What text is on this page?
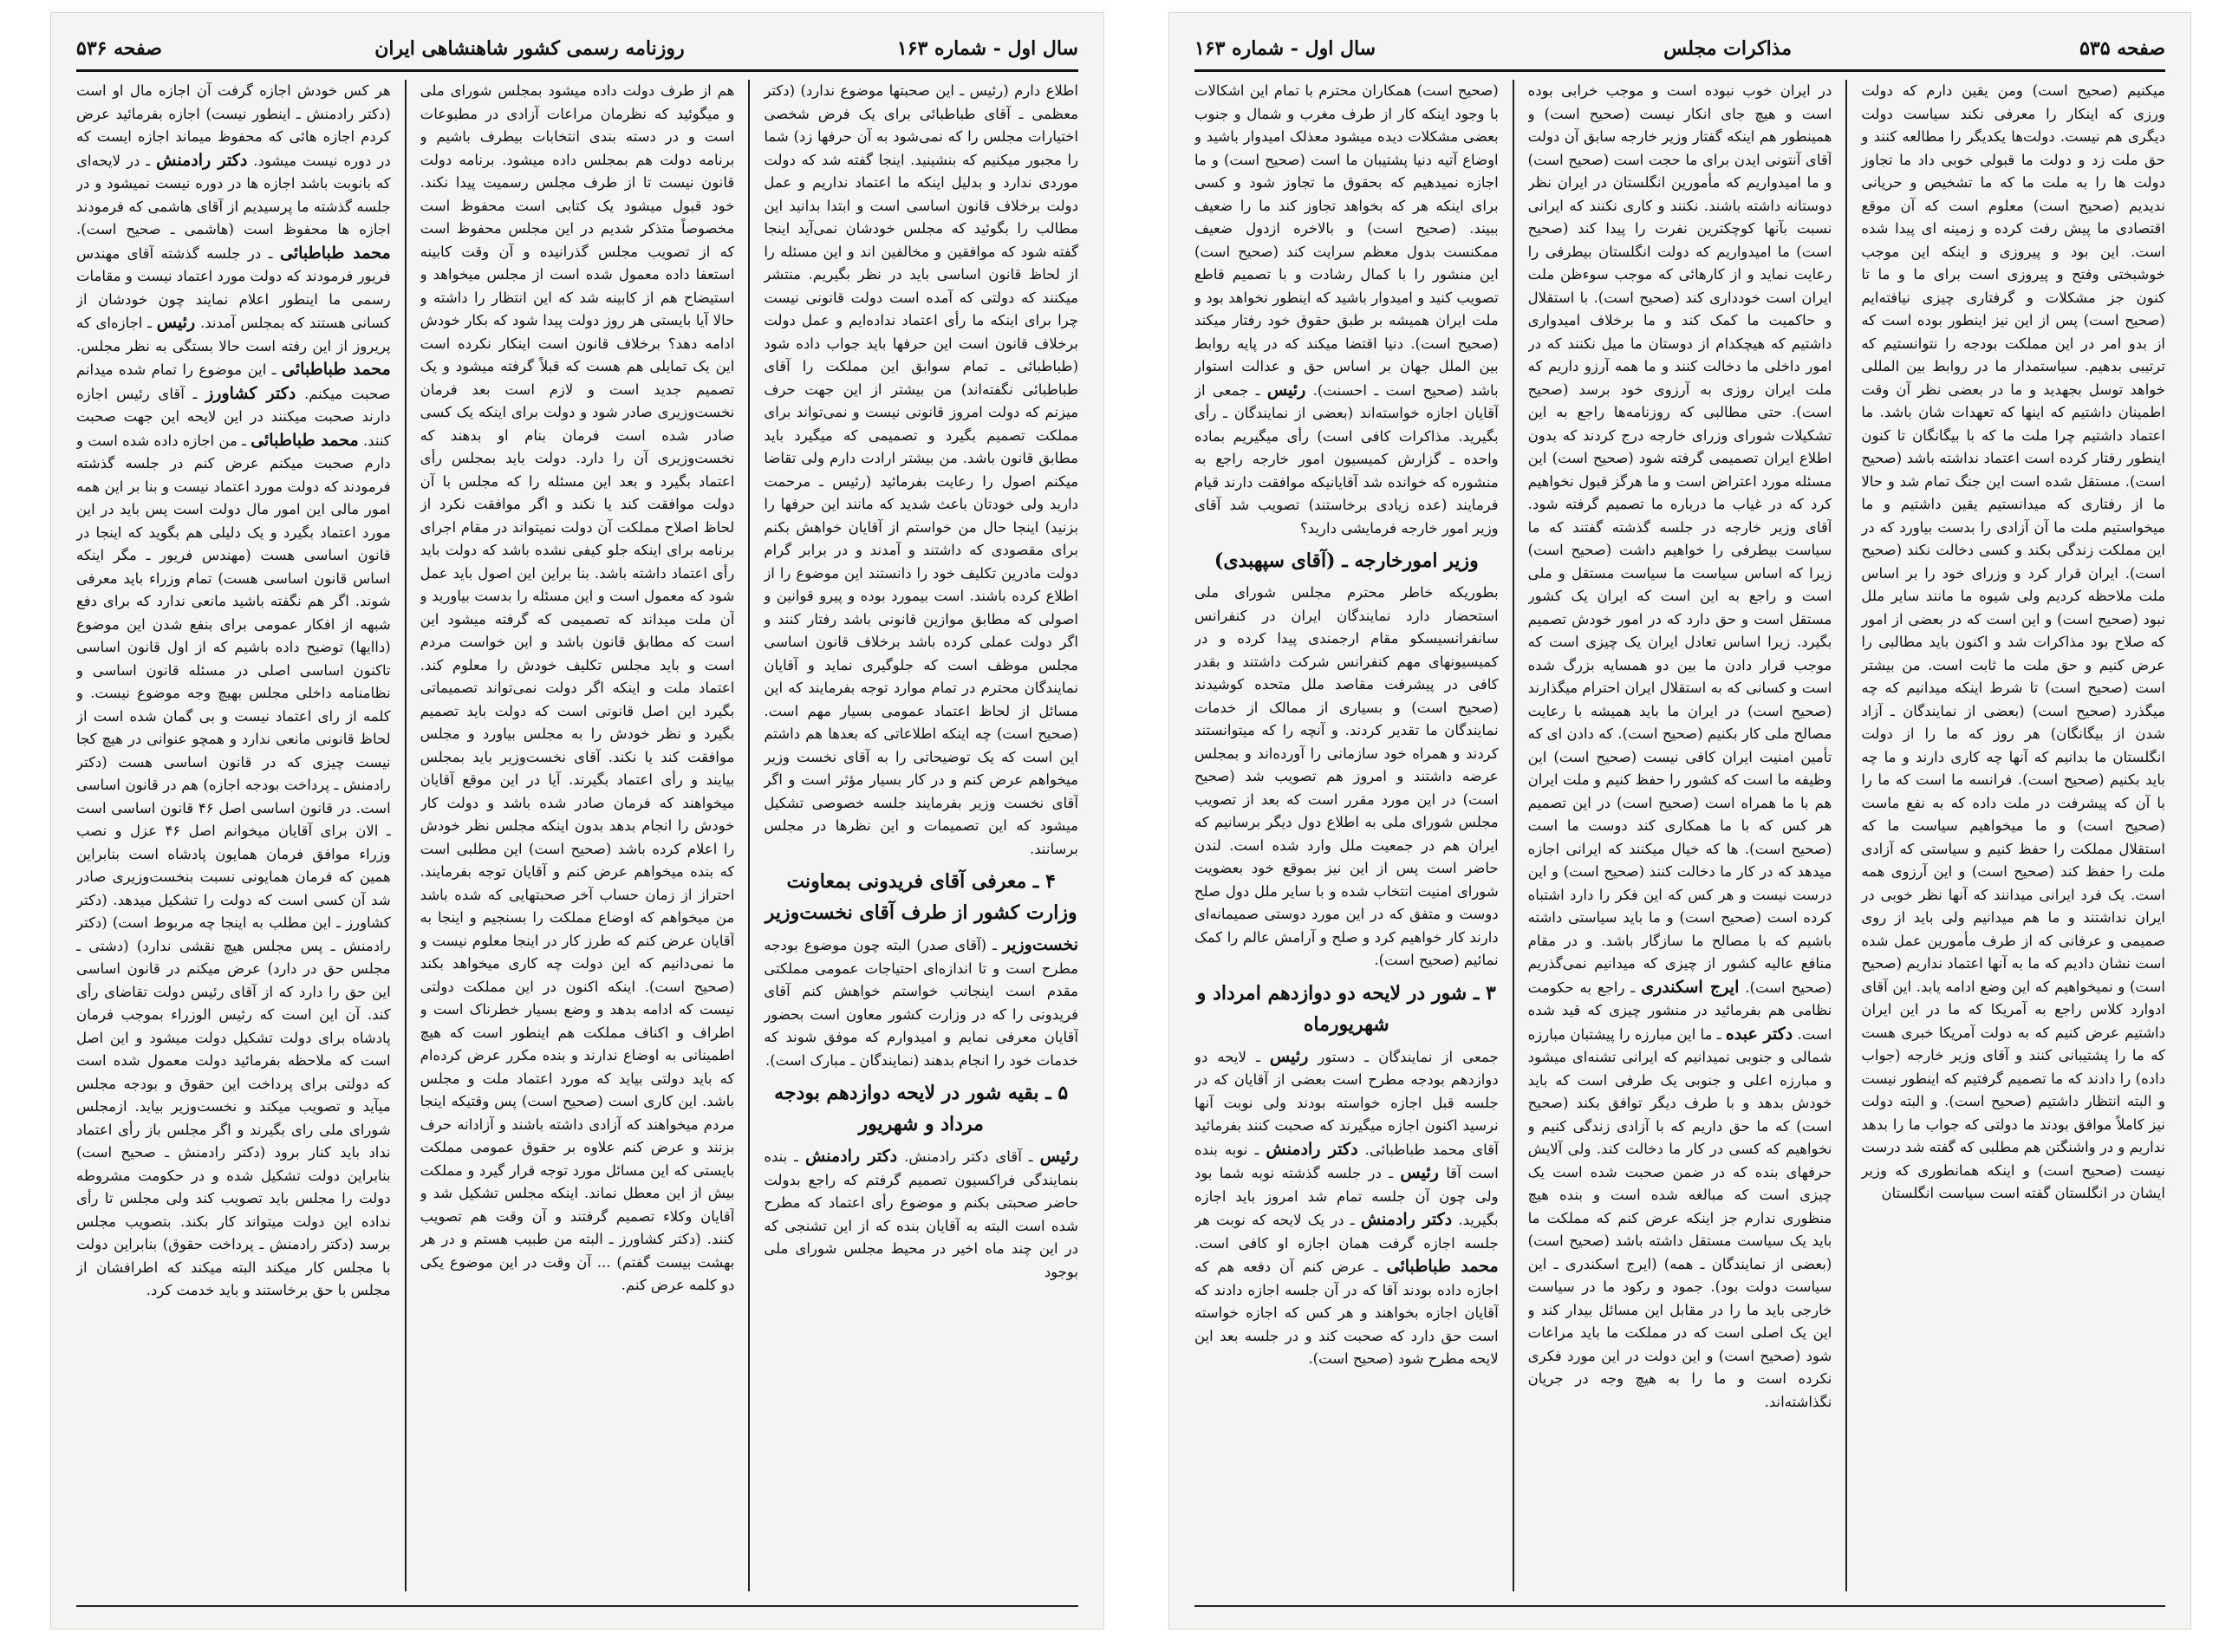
سال اول - شماره ۱۶۳
روزنامه رسمی کشور شاهنشاهی ایران
صفحه ۵۳۶
اطلاع دارم (رئیس ـ این صحبتها موضوع ندارد) (دکتر معظمی ـ آقای طباطبائی برای یک فرض شخصی اختیارات مجلس را که نمی‌شود به آن حرفها زد) شما را مجبور میکنیم که بنشینید. اینجا گفته شد که دولت موردی ندارد و بدلیل اینکه ما اعتماد نداریم و عمل دولت برخلاف قانون اساسی است و ابتدا بدانید این مطالب را بگوئید که مجلس خودشان نمی‌آید اینجا گفته شود که موافقین و مخالفین اند و این مسئله را از لحاظ قانون اساسی باید در نظر بگیریم. منتشر میکنند که دولتی که آمده است دولت قانونی نیست چرا برای اینکه ما رأی اعتماد نداده‌ایم و عمل دولت برخلاف قانون است این حرفها باید جواب داده شود (طباطبائی ـ تمام سوابق این مملکت را آقای طباطبائی نگفته‌اند) من بیشتر از این جهت حرف میزنم که دولت امروز قانونی نیست و نمی‌تواند برای مملکت تصمیم بگیرد و تصمیمی که میگیرد باید مطابق قانون باشد. من بیشتر ارادت دارم ولی تقاضا میکنم اصول را رعایت بفرمائید (رئیس ـ مرحمت دارید ولی خودتان باعث شدید که مانند اين حرفها را بزنید) اینجا حال من خواستم از آقایان خواهش بکنم برای مقصودی که داشتند و آمدند و در برابر گرام دولت مادرین تکلیف خود را دانستند این موضوع را از اطلاع کرده باشند. است بیمورد بوده و پیرو قوانین و اصولی که مطابق موازین قانونی باشد رفتار کنند و اگر دولت عملی کرده باشد برخلاف قانون اساسی مجلس موظف است که جلوگیری نماید و آقایان نمایندگان محترم در تمام موارد توجه بفرمایند که این مسائل از لحاظ اعتماد عمومی بسیار مهم است. (صحیح است) چه اینکه اطلاعاتی که بعدها هم داشتم این است که یک توضیحاتی را به آقای نخست وزیر میخواهم عرض کنم و در کار بسیار مؤثر است و اگر آقای نخست وزیر بفرمایند جلسه خصوصی تشکیل میشود که این تصمیمات و این نظرها در مجلس برسانند.
۴ ـ معرفی آقای فریدونی بمعاونت وزارت کشور از طرف آقای نخست‌وزیر
نخست‌وزیر ـ (آقای صدر) البته چون موضوع بودجه مطرح است و تا اندازه‌ای احتیاجات عمومی مملکتی مقدم است اینجانب خواستم خواهش کنم آقای فریدونی را که در وزارت کشور معاون است بحضور آقایان معرفی نمایم و امیدوارم که موفق شوند که خدمات خود را انجام بدهند (نمایندگان ـ مبارک است).
۵ ـ بقیه شور در لایحه دوازدهم بودجه مرداد و شهریور
رئیس ـ آقای دکتر رادمنش. دکتر رادمنش ـ بنده بنمایندگی فراکسیون تصمیم گرفتم که راجع بدولت حاضر صحبتی بکنم و موضوع رأی اعتماد که مطرح شده است البته به آقایان بنده که از این تشنجی که در این چند ماه اخیر در محیط مجلس شورای ملی بوجود
هم از طرف دولت داده میشود بمجلس شورای ملی و میگوئید که نظرمان مراعات آزادی در مطبوعات است و در دسته بندی انتخابات بیطرف باشیم و برنامه دولت هم بمجلس داده میشود. برنامه دولت قانون نیست تا از طرف مجلس رسمیت پیدا نکند. خود قبول میشود یک کتابی است محفوظ است مخصوصاً متذکر شدیم در این مجلس محفوظ است که از تصویب مجلس گذرانیده و آن وقت کابینه استعفا داده معمول شده است از مجلس میخواهد و استیضاح هم از کابینه شد که این انتظار را داشته و حالا آیا بایستی هر روز دولت پیدا شود که بکار خودش ادامه دهد؟ برخلاف قانون است اینکار نکرده است این یک تمایلی هم هست که قبلاً گرفته میشود و یک تصمیم جدید است و لازم است بعد فرمان نخست‌وزیری صادر شود و دولت برای اینکه یک کسی صادر شده است فرمان بنام او بدهند که نخست‌وزیری آن را دارد. دولت باید بمجلس رأی اعتماد بگیرد و بعد این مسئله را که مجلس با آن دولت موافقت کند یا نکند و اگر موافقت نکرد از لحاظ اصلاح مملکت آن دولت نمیتواند در مقام اجرای برنامه برای اینکه جلو کیفی نشده باشد که دولت باید رأی اعتماد داشته باشد. بنا براین این اصول باید عمل شود که معمول است و این مسئله را بدست بیاورید و آن ملت میداند که تصمیمی که گرفته میشود این است که مطابق قانون باشد و این خواست مردم است و باید مجلس تکلیف خودش را معلوم کند. اعتماد ملت و اینکه اگر دولت نمی‌تواند تصمیماتی بگیرد این اصل قانونی است که دولت باید تصمیم بگیرد و نظر خودش را به مجلس بیاورد و مجلس موافقت کند یا نکند. آقای نخست‌وزیر باید بمجلس بیایند و رأی اعتماد بگیرند. آیا در این موقع آقایان میخواهند که فرمان صادر شده باشد و دولت کار خودش را انجام بدهد بدون اینکه مجلس نظر خودش را اعلام کرده باشد (صحیح است) این مطلبی است که بنده میخواهم عرض کنم و آقایان توجه بفرمایند. احتراز از زمان حساب آخر صحبتهایی که شده باشد من میخواهم که اوضاع مملکت را بسنجیم و اینجا به آقایان عرض کنم که طرز کار در اینجا معلوم نیست و ما نمی‌دانیم که این دولت چه کاری میخواهد بکند (صحیح است). اینکه اکنون در این مملکت دولتی نیست که ادامه بدهد و وضع بسیار خطرناک است و اطراف و اکناف مملکت هم اینطور است که هیچ اطمینانی به اوضاع ندارند و بنده مکرر عرض کرده‌ام که باید دولتی بیاید که مورد اعتماد ملت و مجلس باشد. این کاری است (صحیح است) پس وقتیکه اینجا مردم میخواهند که آزادی داشته باشند و آزادانه حرف بزنند و عرض کنم علاوه بر حقوق عمومی مملکت بایستی که این مسائل مورد توجه قرار گیرد و مملکت بیش از این معطل نماند. اینکه مجلس تشکیل شد و آقایان وکلاء تصمیم گرفتند و آن وقت هم تصویب کنند. (دکتر کشاورز ـ البته من طبیب هستم و در هر بهشت بیست گفتم) ... آن وقت در این موضوع یکی دو کلمه عرض کنم.
هر کس خودش اجازه گرفت آن اجازه مال او است (دکتر رادمنش ـ اینطور نیست) اجازه بفرمائید عرض کردم اجازه هائی که محفوظ میماند اجازه ایست که در دوره نیست میشود. دکتر رادمنش ـ در لایحه‌ای که بانوبت باشد اجازه ها در دوره نیست نمیشود و در جلسه گذشته ما پرسیدیم از آقای هاشمی که فرمودند اجازه ها محفوظ است (هاشمی ـ صحیح است). محمد طباطبائی ـ در جلسه گذشته آقای مهندس فریور فرمودند که دولت مورد اعتماد نیست و مقامات رسمی ما اینطور اعلام نمایند چون خودشان از کسانی هستند که بمجلس آمدند. رئیس ـ اجازه‌ای که پریروز از این رفته است حالا بستگی به نظر مجلس. محمد طباطبائی ـ این موضوع را تمام شده میدانم صحبت میکنم. دکتر کشاورز ـ آقای رئیس اجازه دارند صحبت میکنند در این لایحه این جهت صحبت کنند. محمد طباطبائی ـ من اجازه داده شده است و دارم صحبت میکنم عرض کنم در جلسه گذشته فرمودند که دولت مورد اعتماد نیست و بنا بر این همه امور مالی این امور مال دولت است پس باید در این مورد اعتماد بگیرد و یک دلیلی هم بگوید که اینجا در قانون اساسی هست (مهندس فریور ـ مگر اینکه اساس قانون اساسی هست) تمام وزراء باید معرفی شوند. اگر هم نگفته باشید مانعی ندارد که برای دفع شبهه از افکار عمومی برای بنفع شدن این موضوع (داایها) توضیح داده باشیم که از اول قانون اساسی تاکنون اساسی اصلی در مسئله قانون اساسی و نظامنامه داخلی مجلس بهیچ وجه موضوع نیست. و کلمه از رای اعتماد نیست و بی گمان شده است از لحاظ قانونی مانعی ندارد و همچو عنوانی در هیچ کجا نیست چیزی که در قانون اساسی هست (دکتر رادمنش ـ پرداخت بودجه اجازه) هم در قانون اساسی است. در قانون اساسی اصل ۴۶ قانون اساسی است ـ الان برای آقایان میخوانم اصل ۴۶ عزل و نصب وزراء موافق فرمان همایون پادشاه است بنابراین همین که فرمان همایونی نسبت بنخست‌وزیری صادر شد آن کسی است که دولت را تشکیل میدهد. (دکتر کشاورز ـ این مطلب به اینجا چه مربوط است) (دکتر رادمنش ـ پس مجلس هیچ نقشی ندارد) (دشتی ـ مجلس حق در دارد) عرض میکنم در قانون اساسی این حق را دارد که از آقای رئیس دولت تقاضای رأی کند. آن این است که رئیس الوزراء بموجب فرمان پادشاه برای دولت تشکیل دولت میشود و این اصل است که ملاحظه بفرمائید دولت معمول شده است که دولتی برای پرداخت این حقوق و بودجه مجلس میآید و تصویب میکند و نخست‌وزیر بیاید. ازمجلس شورای ملی رای بگیرند و اگر مجلس باز رأی اعتماد نداد باید کنار برود (دکتر رادمنش ـ صحیح است) بنابراین دولت تشکیل شده و در حکومت مشروطه دولت را مجلس باید تصویب کند ولی مجلس تا رأی نداده این دولت میتواند کار بکند. بتصویب مجلس برسد (دکتر رادمنش ـ پرداخت حقوق) بنابراین دولت با مجلس کار میکند البته میکند که اطرافشان از مجلس با حق برخاستند و باید خدمت کرد.
صفحه ۵۳۵
مذاکرات مجلس
سال اول - شماره ۱۶۳
میکنیم (صحیح است) ومن یقین دارم که دولت ورزی که اینکار را معرفی نکند سیاست دولت دیگری هم نیست. دولت‌ها یکدیگر را مطالعه کنند و حق ملت زد و دولت ما قبولی خوبی داد ما تجاوز دولت ها را به ملت ما که ما تشخیص و حریانی ندیدیم (صحیح است) معلوم است که آن موقع اقتصادی ما پیش رفت کرده و زمینه ای پیدا شده است. این بود و پیروزی و اینکه این موجب خوشبختی وفتح و پیروزی است برای ما و ما تا کنون جز مشکلات و گرفتاری چیزی نیافته‌ایم (صحیح است) پس از این نیز اینطور بوده است که از بدو امر در این مملکت بودجه را نتوانستیم که ترتیبی بدهیم. سیاستمدار ما در روابط بین المللی خواهد توسل بجهدید و ما در بعضی نظر آن وقت اطمینان داشتیم که اینها که تعهدات شان باشد. ما اعتماد داشتیم چرا ملت ما که با بیگانگان تا کنون اینطور رفتار کرده است اعتماد نداشته باشد (صحیح است). مستقل شده است این جنگ تمام شد و حالا ما از رفتاری که میدانستیم یقین داشتیم و ما میخواستیم ملت ما آن آزادی را بدست بیاورد که در این مملکت زندگی بکند و کسی دخالت نکند (صحیح است). ایران قرار کرد و وزرای خود را بر اساس ملت ملاحظه کردیم ولی شیوه ما مانند سایر ملل نبود (صحیح است) و این است که در بعضی از امور که صلاح بود مذاکرات شد و اکنون باید مطالبی را عرض کنیم و حق ملت ما ثابت است. من بیشتر است (صحیح است) تا شرط اینکه میدانیم که چه میگذرد (صحیح است) (بعضی از نمایندگان ـ آزاد شدن از بیگانگان) هر روز که ما را از دولت انگلستان ما بدانیم که آنها چه کاری دارند و ما چه باید بکنیم (صحیح است). فرانسه ما است که ما را با آن که پیشرفت در ملت داده که به نفع ماست (صحیح است) و ما میخواهیم سیاست ما که استقلال مملکت را حفظ کنیم و سیاستی که آزادی ملت را حفظ کند (صحیح است) و این آرزوی همه است. یک فرد ایرانی میدانند که آنها نظر خوبی در ایران نداشتند و ما هم میدانیم ولی باید از روی صمیمی و عرفانی که از طرف مأمورین عمل شده است نشان دادیم که ما به آنها اعتماد نداریم (صحیح است) و نمیخواهیم که این وضع ادامه یابد. این آقای ادوارد کلاس راجع به آمریکا که ما در این ایران داشتیم عرض کنیم که به دولت آمریکا خبری هست که ما را پشتیبانی کنند و آقای وزیر خارجه (جواب داده) را دادند که ما تصمیم گرفتیم که اینطور نیست و البته انتظار داشتیم (صحیح است). و البته دولت نیز کاملاً موافق بودند ما دولتی که جواب ما را بدهد نداریم و در واشنگتن هم مطلبی که گفته شد درست نیست (صحیح است) و اینکه همانطوری که وزیر ایشان در انگلستان گفته است سیاست انگلستان
در ایران خوب نبوده است و موجب خرابی بوده است و هیچ جای انکار نیست (صحیح است) و همینطور هم اینکه گفتار وزیر خارجه سابق آن دولت آقای آنتونی ایدن برای ما حجت است (صحیح است) و ما امیدواریم که مأمورین انگلستان در ایران نظر دوستانه داشته باشند. نکنند و کاری نکنند که ایرانی نسبت بآنها کوچکترین نفرت را پیدا کند (صحیح است) ما امیدواریم که دولت انگلستان بیطرفی را رعایت نماید و از کارهائی که موجب سوءظن ملت ایران است خودداری کند (صحیح است). با استقلال و حاکمیت ما کمک کند و ما برخلاف امیدواری داشتیم که هیچکدام از دوستان ما میل نکنند که در امور داخلی ما دخالت کنند و ما همه آرزو داریم که ملت ایران روزی به آرزوی خود برسد (صحیح است). حتی مطالبی که روزنامه‌ها راجع به این تشکیلات شورای وزرای خارجه درج کردند که بدون اطلاع ایران تصمیمی گرفته شود (صحیح است) این مسئله مورد اعتراض است و ما هرگز قبول نخواهیم کرد که در غیاب ما درباره ما تصمیم گرفته شود. آقای وزیر خارجه در جلسه گذشته گفتند که ما سیاست بیطرفی را خواهیم داشت (صحیح است) زیرا که اساس سیاست ما سیاست مستقل و ملی است و راجع به این است که ایران یک کشور مستقل است و حق دارد که در امور خودش تصمیم بگیرد. زیرا اساس تعادل ایران یک چیزی است که موجب قرار دادن ما بین دو همسایه بزرگ شده است و کسانی که به استقلال ایران احترام میگذارند (صحیح است) در ایران ما باید همیشه با رعایت مصالح ملی کار بکنیم (صحیح است). که دادن ای که تأمین امنیت ایران کافی نیست (صحیح است) این وظیفه ما است که کشور را حفظ کنیم و ملت ایران هم با ما همراه است (صحیح است) در این تصمیم هر کس که با ما همکاری کند دوست ما است (صحیح است). ها که خیال میکنند که ایرانی اجازه میدهد که در کار ما دخالت کنند (صحیح است) و این درست نیست و هر کس که این فکر را دارد اشتباه کرده است (صحیح است) و ما باید سیاستی داشته باشیم که با مصالح ما سازگار باشد. و در مقام منافع عالیه کشور از چیزی که میدانیم نمی‌گذریم (صحیح است). ایرج اسکندری ـ راجع به حکومت نظامی هم بفرمائید در منشور چیزی که قید شده است. دکتر عبده ـ ما این مبارزه را پیشتبان مبارزه شمالی و جنوبی نمیدانیم که ایرانی تشنه‌ای میشود و مبارزه اعلی و جنوبی یک طرفی است که باید خودش بدهد و با طرف دیگر توافق بکند (صحیح است) که ما حق داریم که با آزادی زندگی کنیم و نخواهیم که کسی در کار ما دخالت کند. ولی آلایش حرفهای بنده که در ضمن صحبت شده است یک چیزی است که مبالغه شده است و بنده هیچ منظوری ندارم جز اینکه عرض کنم که مملکت ما باید یک سیاست مستقل داشته باشد (صحیح است) (بعضی از نمایندگان ـ همه) (ایرج اسکندری ـ این سیاست دولت بود). جمود و رکود ما در سیاست خارجی باید ما را در مقابل این مسائل بیدار کند و این یک اصلی است که در مملکت ما باید مراعات شود (صحیح است) و این دولت در این مورد فکری نکرده است و ما را به هیچ وجه در جریان نگذاشته‌اند.
(صحیح است) همکاران محترم با تمام این اشکالات با وجود اینکه کار از طرف مغرب و شمال و جنوب بعضی مشکلات دیده میشود معذلک امیدوار باشید و اوضاع آتیه دنیا پشتیبان ما است (صحیح است) و ما اجازه نمیدهیم که بحقوق ما تجاوز شود و کسی برای اینکه هر که بخواهد تجاوز کند ما را ضعیف ببیند. (صحیح است) و بالاخره ازدول ضعیف ممکنست بدول معظم سرایت کند (صحیح است) این منشور را با کمال رشادت و با تصمیم قاطع تصویب کنید و امیدوار باشید که اینطور نخواهد بود و ملت ایران همیشه بر طبق حقوق خود رفتار میکند (صحیح است). دنیا اقتضا میکند که در پایه روابط بین الملل جهان بر اساس حق و عدالت استوار باشد (صحیح است ـ احسنت). رئیس ـ جمعی از آقایان اجازه خواسته‌اند (بعضی از نمایندگان ـ رأی بگیرید. مذاکرات کافی است) رأی میگیریم بماده واحده ـ گزارش کمیسیون امور خارجه راجع به منشوره که خوانده شد آقایانیکه موافقت دارند قیام فرمایند (عده زیادی برخاستند) تصویب شد آقای وزیر امور خارجه فرمایشی دارید؟
وزیر امورخارجه ـ (آقای سپهبدی)
بطوریکه خاطر محترم مجلس شورای ملی استحضار دارد نمایندگان ایران در کنفرانس سانفرانسیسکو مقام ارجمندی پیدا کرده و در کمیسیونهای مهم کنفرانس شرکت داشتند و بقدر کافی در پیشرفت مقاصد ملل متحده کوشیدند (صحیح است) و بسیاری از ممالک از خدمات نمایندگان ما تقدیر کردند. و آنچه را که میتوانستند کردند و همراه خود سازمانی را آورده‌اند و بمجلس عرضه داشتند و امروز هم تصویب شد (صحیح است) در این مورد مقرر است که بعد از تصویب مجلس شورای ملی به اطلاع دول دیگر برسانیم که ایران هم در جمعیت ملل وارد شده است. لندن حاضر است پس از این نیز بموقع خود بعضویت شورای امنیت انتخاب شده و با سایر ملل دول صلح دوست و متفق که در این مورد دوستی صمیمانه‌ای دارند کار خواهیم کرد و صلح و آرامش عالم را کمک نمائیم (صحیح است).
۳ ـ شور در لایحه دو دوازدهم امرداد و شهریورماه
جمعی از نمایندگان ـ دستور رئیس ـ لایحه دو دوازدهم بودجه مطرح است بعضی از آقایان که در جلسه قبل اجازه خواسته بودند ولی نوبت آنها نرسید اکنون اجازه میگیرند که صحبت کنند بفرمائید آقای محمد طباطبائی. دکتر رادمنش ـ نوبه بنده است آقا رئیس ـ در جلسه گذشته نوبه شما بود ولی چون آن جلسه تمام شد امروز باید اجازه بگیرید. دکتر رادمنش ـ در یک لایحه که نوبت هر جلسه اجازه گرفت همان اجازه او کافی است. محمد طباطبائی ـ عرض کنم آن دفعه هم که اجازه داده بودند آقا که در آن جلسه اجازه دادند که آقایان اجازه بخواهند و هر کس که اجازه خواسته است حق دارد که صحبت کند و در جلسه بعد این لایحه مطرح شود (صحیح است).
